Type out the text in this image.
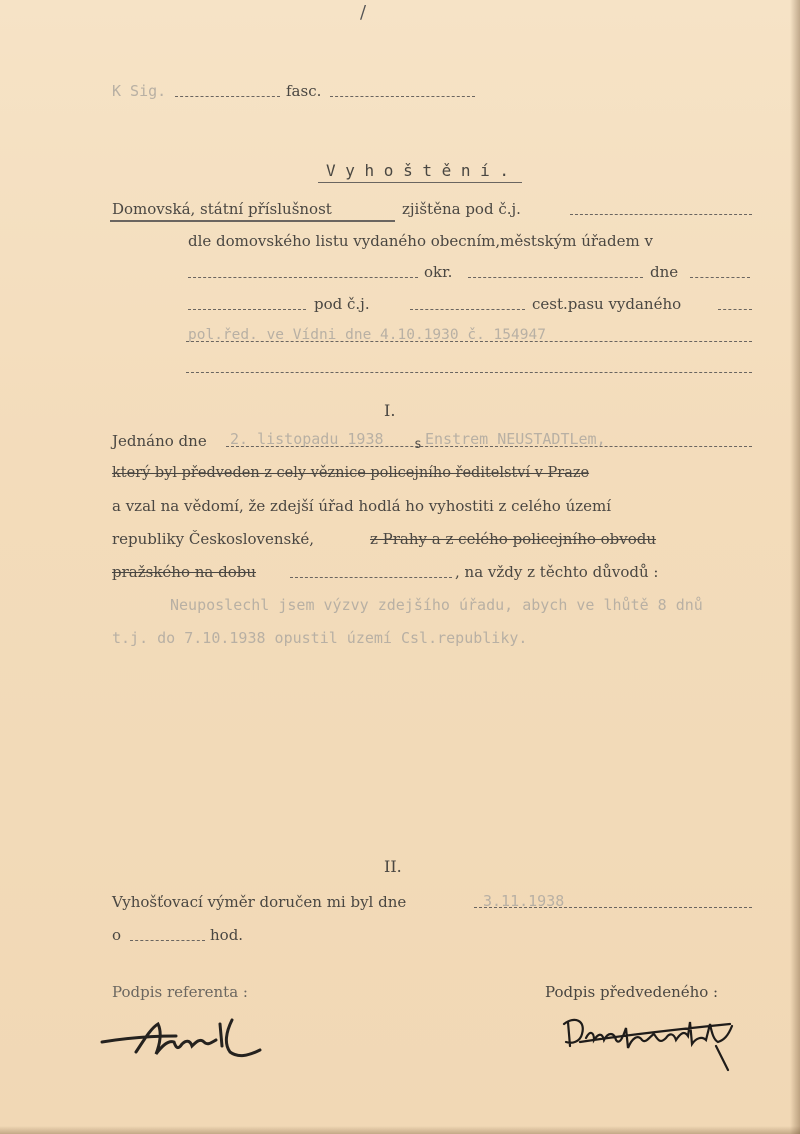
/
K Sig.	fasc.
V y h o š t ě n í .
Domovská, státní příslušnost	zjištěna pod č.j.
dle domovského listu vydaného obecním,městským úřadem v
okr.	dne
pod č.j.	cest.pasu vydaného
pol.řed. ve Vídni dne 4.10.1930 č. 154947
I.
Jednáno dne 2. listopadu 1938 s Enstrem NEUSTADTLem,
který byl předveden z cely věznice policejního ředitelství v Praze
a vzal na vědomí, že zdejší úřad hodlá ho vyhostiti z celého území
republiky Československé,	z Prahy a z celého policejního obvodu
pražského na dobu	, na vždy z těchto důvodů :
Neuposlechl jsem výzvy zdejšího úřadu, abych ve lhůtě 8 dnů
t.j. do 7.10.1938 opustil území Csl.republiky.
II.
Vyhošťovací výměr doručen mi byl dne	3.11.1938
o	hod.
Podpis referenta :	Podpis předvedeného :
